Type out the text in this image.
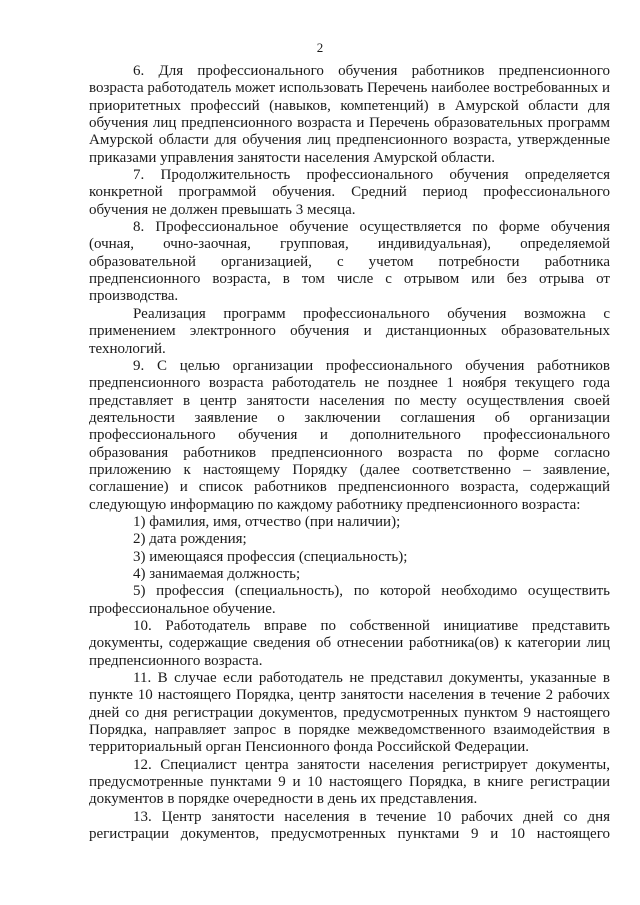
2

6. Для профессионального обучения работников предпенсионного возраста работодатель может использовать Перечень наиболее востребованных и приоритетных профессий (навыков, компетенций) в Амурской области для обучения лиц предпенсионного возраста и Перечень образовательных программ Амурской области для обучения лиц предпенсионного возраста, утвержденные приказами управления занятости населения Амурской области.

7. Продолжительность профессионального обучения определяется конкретной программой обучения. Средний период профессионального обучения не должен превышать 3 месяца.

8. Профессиональное обучение осуществляется по форме обучения (очная, очно-заочная, групповая, индивидуальная), определяемой образовательной организацией, с учетом потребности работника предпенсионного возраста, в том числе с отрывом или без отрыва от производства.

Реализация программ профессионального обучения возможна с применением электронного обучения и дистанционных образовательных технологий.

9. С целью организации профессионального обучения работников предпенсионного возраста работодатель не позднее 1 ноября текущего года представляет в центр занятости населения по месту осуществления своей деятельности заявление о заключении соглашения об организации профессионального обучения и дополнительного профессионального образования работников предпенсионного возраста по форме согласно приложению к настоящему Порядку (далее соответственно – заявление, соглашение) и список работников предпенсионного возраста, содержащий следующую информацию по каждому работнику предпенсионного возраста:

1) фамилия, имя, отчество (при наличии);

2) дата рождения;

3) имеющаяся профессия (специальность);

4) занимаемая должность;

5) профессия (специальность), по которой необходимо осуществить профессиональное обучение.

10. Работодатель вправе по собственной инициативе представить документы, содержащие сведения об отнесении работника(ов) к категории лиц предпенсионного возраста.

11. В случае если работодатель не представил документы, указанные в пункте 10 настоящего Порядка, центр занятости населения в течение 2 рабочих дней со дня регистрации документов, предусмотренных пунктом 9 настоящего Порядка, направляет запрос в порядке межведомственного взаимодействия в территориальный орган Пенсионного фонда Российской Федерации.

12. Специалист центра занятости населения регистрирует документы, предусмотренные пунктами 9 и 10 настоящего Порядка, в книге регистрации документов в порядке очередности в день их представления.

13. Центр занятости населения в течение 10 рабочих дней со дня регистрации документов, предусмотренных пунктами 9 и 10 настоящего
